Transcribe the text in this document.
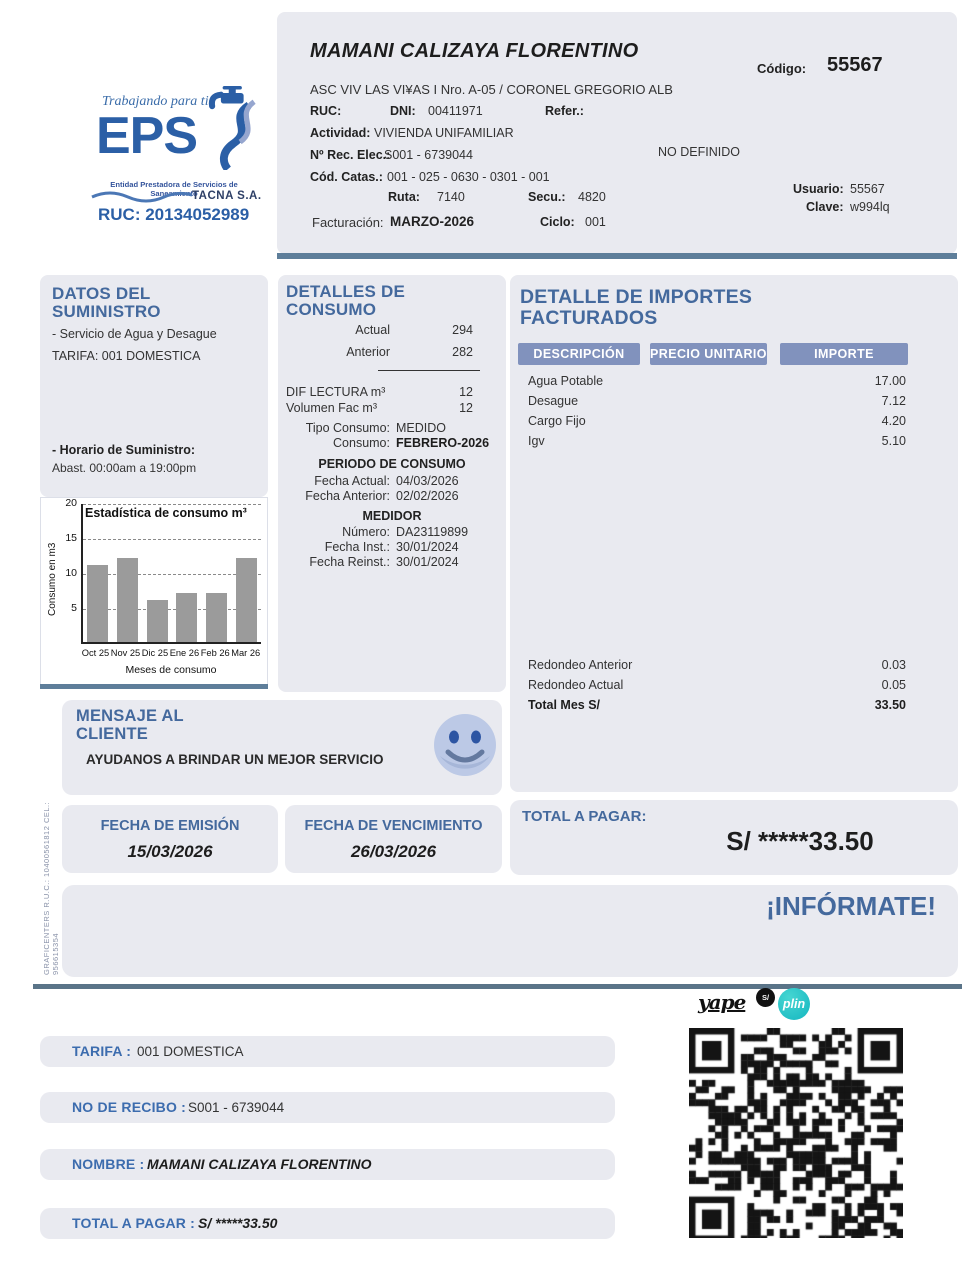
Trabajando para ti
EPS
Entidad Prestadora de Servicios de Saneamiento
TACNA S.A.
RUC: 20134052989
MAMANI CALIZAYA FLORENTINO
Código: 55567
ASC VIV LAS VI¥AS I Nro. A-05 / CORONEL GREGORIO ALB
RUC:	DNI: 00411971	Refer.:
Actividad: VIVIENDA UNIFAMILIAR
Nº Rec. Elec.:
S001 - 6739044	NO DEFINIDO
Cód. Catas.: 001 - 025 - 0630 - 0301 - 001
Ruta: 7140	Secu.: 4820
Usuario: 55567
Clave: w994lq
Facturación: MARZO-2026	Ciclo: 001
DATOS DEL SUMINISTRO
- Servicio de Agua y Desague
TARIFA: 001 DOMESTICA
- Horario de Suministro:
Abast. 00:00am a 19:00pm
Estadística de consumo m³
Consumo en m3 5
10
15
20
Oct 25 Nov 25 Dic 25 Ene 26 Feb 26 Mar 26
Meses de consumo
DETALLES DE CONSUMO
Actual	294
Anterior	282
DIF LECTURA m³	12
Volumen Fac m³	12
Tipo Consumo: MEDIDO
Consumo: FEBRERO-2026
PERIODO DE CONSUMO
Fecha Actual: 04/03/2026
Fecha Anterior: 02/02/2026
MEDIDOR
Número: DA23119899
Fecha Inst.: 30/01/2024
Fecha Reinst.: 30/01/2024
DETALLE DE IMPORTES FACTURADOS
DESCRIPCIÓN	PRECIO UNITARIO	IMPORTE
Agua Potable	17.00
Desague	7.12
Cargo Fijo	4.20
Igv	5.10
Redondeo Anterior	0.03
Redondeo Actual	0.05
Total Mes S/	33.50
MENSAJE AL CLIENTE
AYUDANOS A BRINDAR UN MEJOR SERVICIO
FECHA DE EMISIÓN
15/03/2026
FECHA DE VENCIMIENTO
26/03/2026
TOTAL A PAGAR:
S/ *****33.50
¡INFÓRMATE!
GRAFICENTERS R.U.C.: 10400561812 CEL.: 956615354
yape	S/	plin
TARIFA : 001 DOMESTICA
NO DE RECIBO : S001 - 6739044
NOMBRE : MAMANI CALIZAYA FLORENTINO
TOTAL A PAGAR : S/ *****33.50
